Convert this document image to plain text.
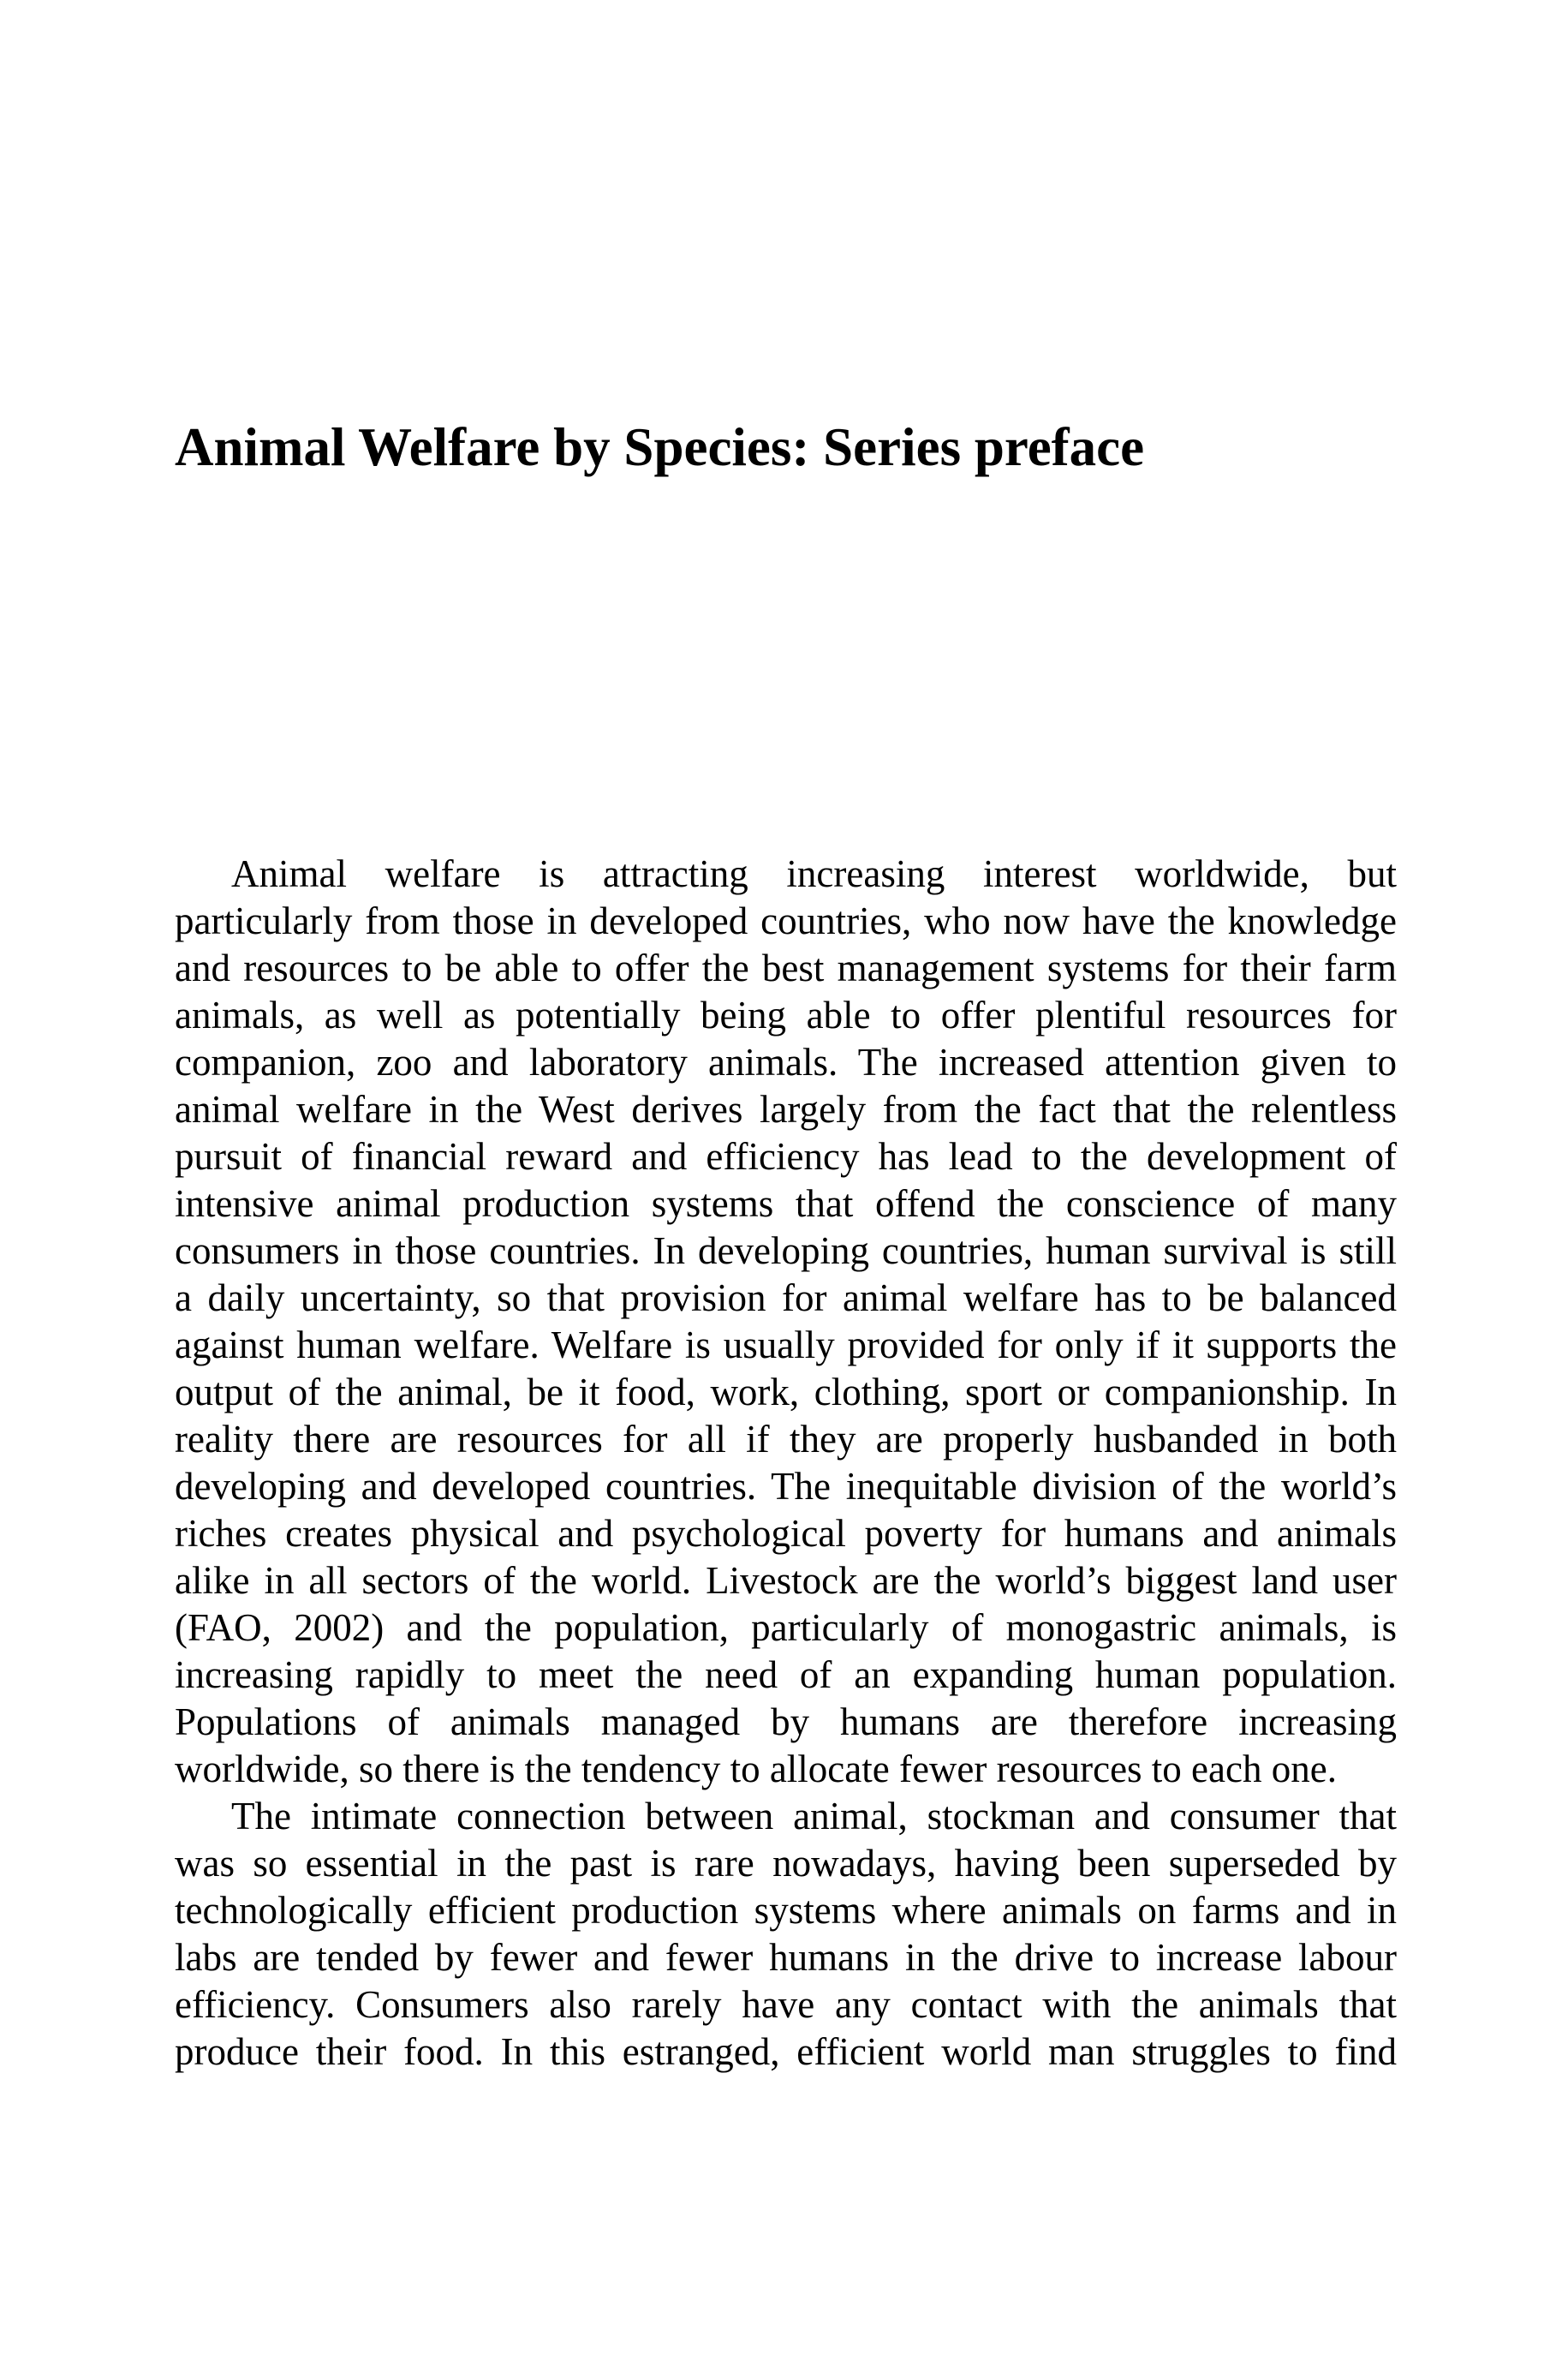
Animal Welfare by Species: Series preface
Animal welfare is attracting increasing interest worldwide, but
particularly from those in developed countries, who now have the knowledge
and resources to be able to offer the best management systems for their farm
animals, as well as potentially being able to offer plentiful resources for
companion, zoo and laboratory animals. The increased attention given to
animal welfare in the West derives largely from the fact that the relentless
pursuit of financial reward and efficiency has lead to the development of
intensive animal production systems that offend the conscience of many
consumers in those countries. In developing countries, human survival is still
a daily uncertainty, so that provision for animal welfare has to be balanced
against human welfare. Welfare is usually provided for only if it supports the
output of the animal, be it food, work, clothing, sport or companionship. In
reality there are resources for all if they are properly husbanded in both
developing and developed countries. The inequitable division of the world’s
riches creates physical and psychological poverty for humans and animals
alike in all sectors of the world. Livestock are the world’s biggest land user
(FAO, 2002) and the population, particularly of monogastric animals, is
increasing rapidly to meet the need of an expanding human population.
Populations of animals managed by humans are therefore increasing
worldwide, so there is the tendency to allocate fewer resources to each one.
The intimate connection between animal, stockman and consumer that
was so essential in the past is rare nowadays, having been superseded by
technologically efficient production systems where animals on farms and in
labs are tended by fewer and fewer humans in the drive to increase labour
efficiency. Consumers also rarely have any contact with the animals that
produce their food. In this estranged, efficient world man struggles to find
